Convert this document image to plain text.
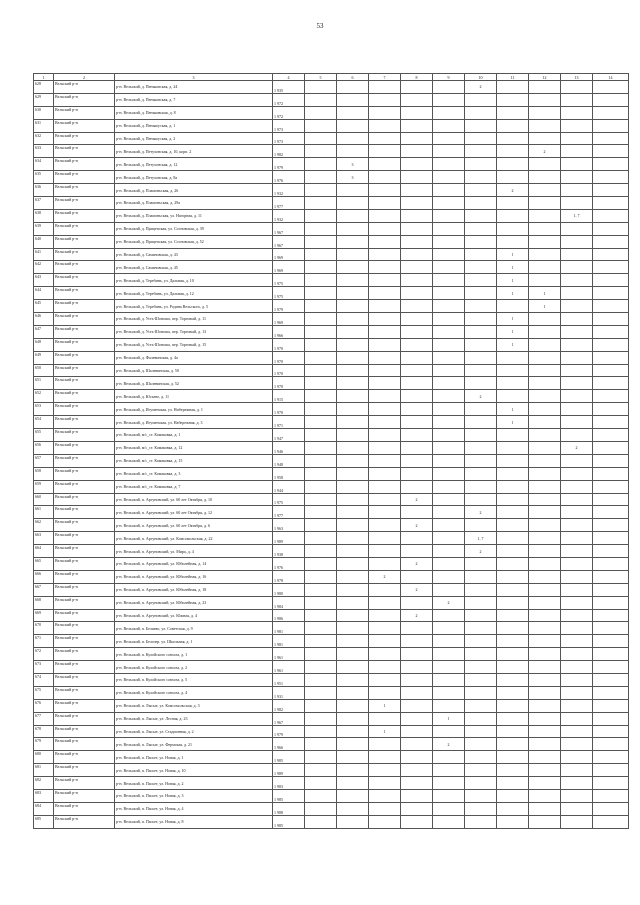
53
1	2	3	4	5	6	7	8	9	10	11	12	13	14	
628	Вельский р-н	р-н. Вельский, д. Пеньковская, д. 24	1 935						2					
629	Вельский р-н	р-н. Вельский, д. Пеньковская, д. 7	1 972											
630	Вельский р-н	р-н. Вельский, д. Пенькивская, д. 8	1 972											
631	Вельский р-н	р-н. Вельский, д. Пенькоуская, д. 1	1 973											
632	Вельский р-н	р-н. Вельский, д. Пенькоуская, д. 2	1 973											
633	Вельский р-н	р-н. Вельский, д. Петухонская, д. 10, корп. 2	1 982								2			
634	Вельский р-н	р-н. Вельский, д. Петухонская, д. 12	1 979		3									
635	Вельский р-н	р-н. Вельский, д. Петухонская, д. 8а	1 976		3									
636	Вельский р-н	р-н. Вельский, д. Пламоньская, д. 26	1 932							2				
637	Вельский р-н	р-н. Вельский, д. Пламоньская, д. 29а	1 977											
638	Вельский р-н	р-н. Вельский, д. Пламоньская, ул. Нагорная, д. 11	1 932									1, 7		
639	Вельский р-н	р-н. Вельский, д. Прицепская, ул. Сосновская, д. 39	1 967											
640	Вельский р-н	р-н. Вельский, д. Прицепская, ул. Сосновская, д. 52	1 967											
641	Вельский р-н	р-н. Вельский, д. Самановская, д. 43	1 969							1				
642	Вельский р-н	р-н. Вельский, д. Самановская, д. 45	1 969							1				
643	Вельский р-н	р-н. Вельский, д. Теребинь, ул. Дальняя, д. 10	1 975							1				
644	Вельский р-н	р-н. Вельский, д. Теребинь, ул. Дальняя, д. 12	1 975							1	1			
645	Вельский р-н	р-н. Вельский, д. Теребинь, ул. Родина Вельского, д. 5	1 979								1			
646	Вельский р-н	р-н. Вельский, д. Усть-Шоноша, пер. Торговый, д. 11	1 969							1				
647	Вельский р-н	р-н. Вельский, д. Усть-Шоноша, пер. Торговый, д. 13	1 966							1				
648	Вельский р-н	р-н. Вельский, д. Усть-Шоноша, пер. Торговый, д. 15	1 970							1				
649	Вельский р-н	р-н. Вельский, д. Фалевинская, д. 4а	1 970											
650	Вельский р-н	р-н. Вельский, д. Шалевинская, д. 50	1 970											
651	Вельский р-н	р-н. Вельский, д. Шалевинская, д. 52	1 970											
652	Вельский р-н	р-н. Вельский, д. Юсьево, д. 11	1 915						2					
653	Вельский р-н	р-н. Вельский, д. Игуменская, ул. Нибережная, д. 1	1 970							1				
654	Вельский р-н	р-н. Вельский, д. Игуменская, ул. Набережная, д. 3	1 971							1				
655	Вельский р-н	р-н. Вельский, м/с_ст. Комаковка, д. 1	1 947											
656	Вельский р-н	р-н. Вельский, м/с_ст. Комаковка, д. 12	1 946									2		
657	Вельский р-н	р-н. Вельский, м/с_ст. Комаковка, д. 15	1 948											
658	Вельский р-н	р-н. Вельский, м/с_ст. Комаковка, д. 3	1 958											
659	Вельский р-н	р-н. Вельский, м/с_ст. Комаковка, д. 7	1 944											
660	Вельский р-н	р-н. Вельский, п. Аргуновский, ул. 60 лет Октября, д. 10	1 975				2							
661	Вельский р-н	р-н. Вельский, п. Аргуновский, ул. 60 лет Октября, д. 12	1 977						2					
662	Вельский р-н	р-н. Вельский, п. Аргуновский, ул. 60 лет Октября, д. 6	1 963				2							
663	Вельский р-н	р-н. Вельский, п. Аргуновский, ул. Комсомольская, д. 22	1 989						1, 7					
664	Вельский р-н	р-н. Вельский, п. Аргуновский, ул. Мира, д. 4	1 938						2					
665	Вельский р-н	р-н. Вельский, п. Аргуновский, ул. Юбилейная, д. 14	1 976				2							
666	Вельский р-н	р-н. Вельский, п. Аргуновский, ул. Юбилейная, д. 16	1 978			2								
667	Вельский р-н	р-н. Вельский, п. Аргуновский, ул. Юбилейная, д. 18	1 980				2							
668	Вельский р-н	р-н. Вельский, п. Аргуновский, ул. Юбилейная, д. 23	1 984					2						
669	Вельский р-н	р-н. Вельский, п. Аргуновский, ул. Южная, д. 4	1 986				2							
670	Вельский р-н	р-н. Вельский, п. Беляево, ул. Советская, д. 9	1 981											
671	Вельский р-н	р-н. Вельский, п. Белозер. ул. Школьная, д. 1	1 981											
672	Вельский р-н	р-н. Вельский, п. Кулойского совхоза, д. 1	1 961											
673	Вельский р-н	р-н. Вельский, п. Кулойского совхоза, д. 2	1 961											
674	Вельский р-н	р-н. Вельский, п. Кулойского совхоза, д. 5	1 951											
675	Вельский р-н	р-н. Вельский, п. Кулойского совхоза, д. 4	1 931											
676	Вельский р-н	р-н. Вельский, п. Лысые, ул. Комсомольская, д. 3	1 982			1								
677	Вельский р-н	р-н. Вельский, п. Лысые, ул. Лесная, д. 23	1 967					1						
678	Вельский р-н	р-н. Вельский, п. Лысые, ул. Стадионная, д. 2	1 979			1								
679	Вельский р-н	р-н. Вельский, п. Лысые, ул. Фермская, д. 21	1 966					2						
680	Вельский р-н	р-н. Вельский, п. Пасьет, ул. Новая, д. 1	1 985											
681	Вельский р-н	р-н. Вельский, п. Пасьет, ул. Новая, д. 10	1 989											
682	Вельский р-н	р-н. Вельский, п. Пасьет, ул. Новая, д. 2	1 983											
683	Вельский р-н	р-н. Вельский, п. Пасьет, ул. Новая, д. 3	1 985											
684	Вельский р-н	р-н. Вельский, п. Пасьет, ул. Новая, д. 4	1 988											
685	Вельский р-н	р-н. Вельский, п. Пасьет, ул. Новая, д. 8	1 985											
